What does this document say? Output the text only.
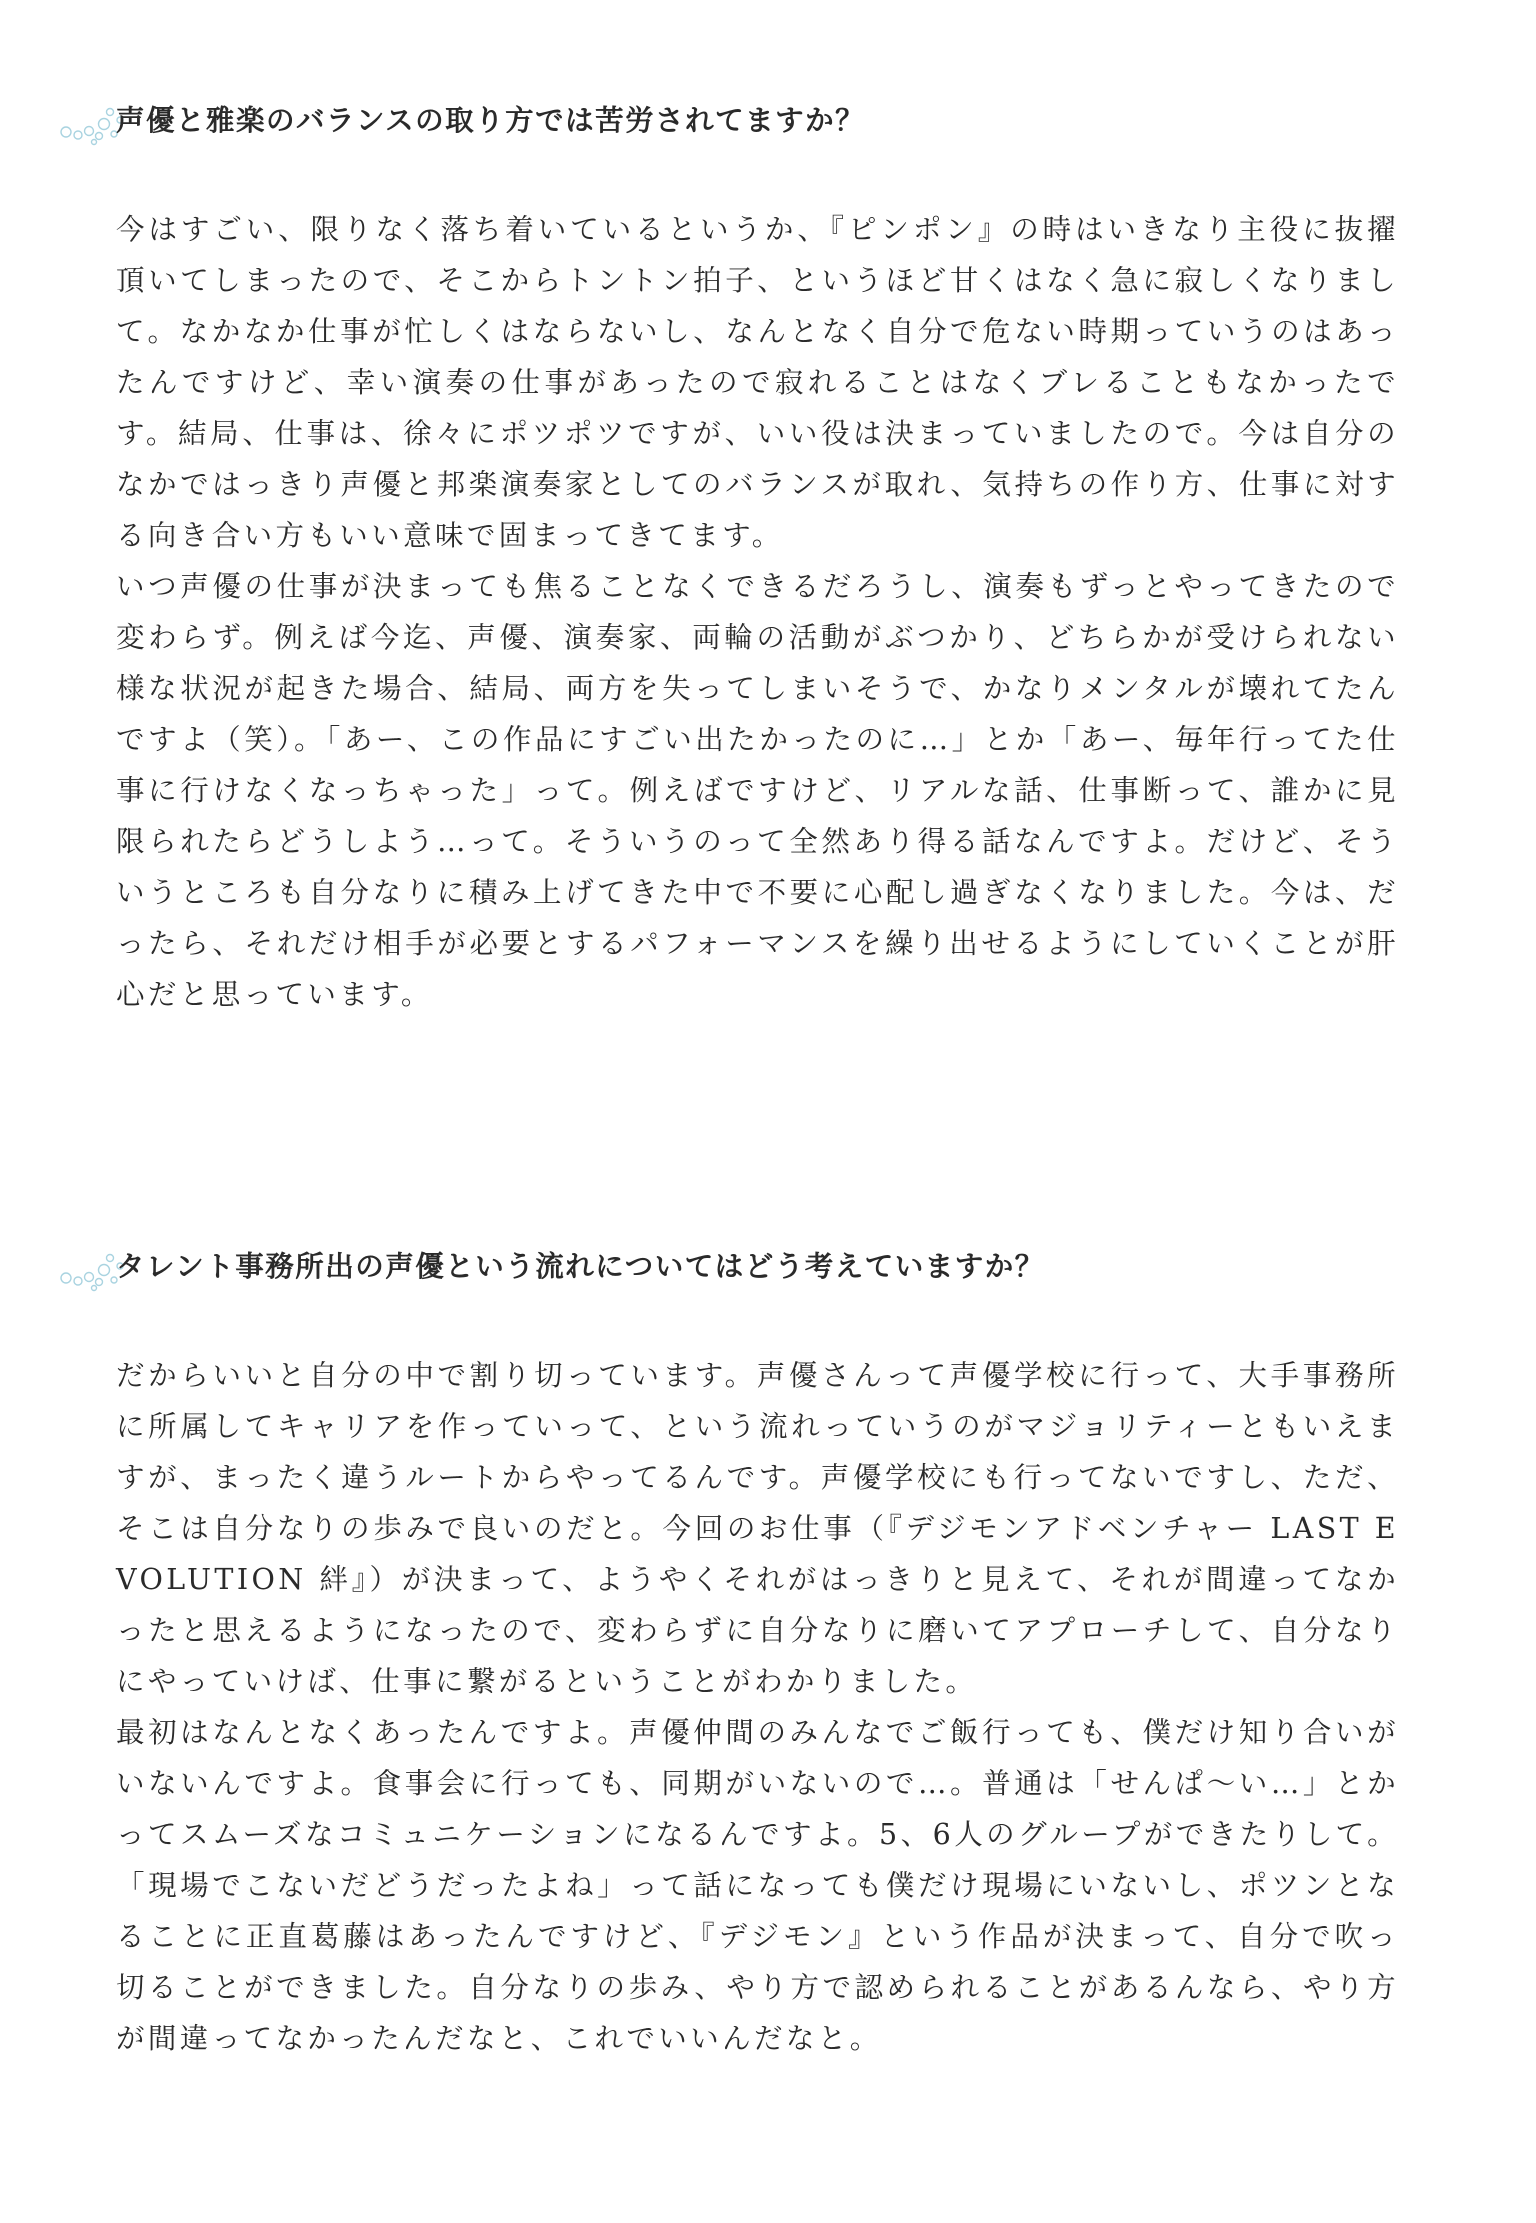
声優と雅楽のバランスの取り方では苦労されてますか？

今はすごい、限りなく落ち着いているというか、『ピンポン』の時はいきなり主役に抜擢頂いてしまったので、そこからトントン拍子、というほど甘くはなく急に寂しくなりまして。なかなか仕事が忙しくはならないし、なんとなく自分で危ない時期っていうのはあったんですけど、幸い演奏の仕事があったので寂れることはなくブレることもなかったです。結局、仕事は、徐々にポツポツですが、いい役は決まっていましたので。今は自分のなかではっきり声優と邦楽演奏家としてのバランスが取れ、気持ちの作り方、仕事に対する向き合い方もいい意味で固まってきてます。

いつ声優の仕事が決まっても焦ることなくできるだろうし、演奏もずっとやってきたので変わらず。例えば今迄、声優、演奏家、両輪の活動がぶつかり、どちらかが受けられない様な状況が起きた場合、結局、両方を失ってしまいそうで、かなりメンタルが壊れてたんですよ（笑）。「あー、この作品にすごい出たかったのに…」とか「あー、毎年行ってた仕事に行けなくなっちゃった」って。例えばですけど、リアルな話、仕事断って、誰かに見限られたらどうしよう…って。そういうのって全然あり得る話なんですよ。だけど、そういうところも自分なりに積み上げてきた中で不要に心配し過ぎなくなりました。今は、だったら、それだけ相手が必要とするパフォーマンスを繰り出せるようにしていくことが肝心だと思っています。

タレント事務所出の声優という流れについてはどう考えていますか？

だからいいと自分の中で割り切っています。声優さんって声優学校に行って、大手事務所に所属してキャリアを作っていって、という流れっていうのがマジョリティーともいえますが、まったく違うルートからやってるんです。声優学校にも行ってないですし、ただ、そこは自分なりの歩みで良いのだと。今回のお仕事（『デジモンアドベンチャー LAST EVOLUTION 絆』）が決まって、ようやくそれがはっきりと見えて、それが間違ってなかったと思えるようになったので、変わらずに自分なりに磨いてアプローチして、自分なりにやっていけば、仕事に繋がるということがわかりました。

最初はなんとなくあったんですよ。声優仲間のみんなでご飯行っても、僕だけ知り合いがいないんですよ。食事会に行っても、同期がいないので…。普通は「せんぱ～い…」とかってスムーズなコミュニケーションになるんですよ。5、6人のグループができたりして。「現場でこないだどうだったよね」って話になっても僕だけ現場にいないし、ポツンとなることに正直葛藤はあったんですけど、『デジモン』という作品が決まって、自分で吹っ切ることができました。自分なりの歩み、やり方で認められることがあるんなら、やり方が間違ってなかったんだなと、これでいいんだなと。
